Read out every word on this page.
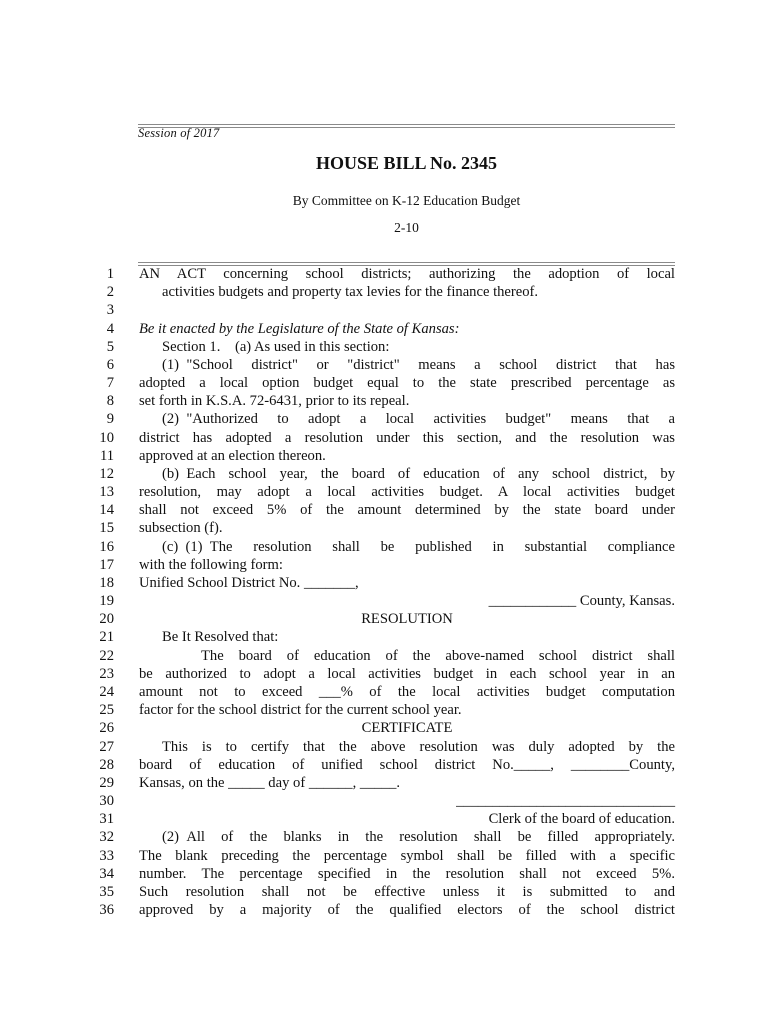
Session of 2017
HOUSE BILL No. 2345
By Committee on K-12 Education Budget
2-10
1 AN ACT concerning school districts; authorizing the adoption of local
2	activities budgets and property tax levies for the finance thereof.
3
4 Be it enacted by the Legislature of the State of Kansas:
5	Section 1. (a) As used in this section:
6	(1) "School district" or "district" means a school district that has
7 adopted a local option budget equal to the state prescribed percentage as
8 set forth in K.S.A. 72-6431, prior to its repeal.
9	(2) "Authorized to adopt a local activities budget" means that a
10 district has adopted a resolution under this section, and the resolution was
11 approved at an election thereon.
12	(b) Each school year, the board of education of any school district, by
13 resolution, may adopt a local activities budget. A local activities budget
14 shall not exceed 5% of the amount determined by the state board under
15 subsection (f).
16	(c) (1) The resolution shall be published in substantial compliance
17 with the following form:
18 Unified School District No. _______,
19	____________ County, Kansas.
20	RESOLUTION
21	Be It Resolved that:
22	The board of education of the above-named school district shall
23 be authorized to adopt a local activities budget in each school year in an
24 amount not to exceed ___% of the local activities budget computation
25 factor for the school district for the current school year.
26	CERTIFICATE
27	This is to certify that the above resolution was duly adopted by the
28 board of education of unified school district No._____, ________County,
29 Kansas, on the _____ day of ______, _____.
30	______________________________
31	Clerk of the board of education.
32	(2) All of the blanks in the resolution shall be filled appropriately.
33 The blank preceding the percentage symbol shall be filled with a specific
34 number. The percentage specified in the resolution shall not exceed 5%.
35 Such resolution shall not be effective unless it is submitted to and
36 approved by a majority of the qualified electors of the school district
